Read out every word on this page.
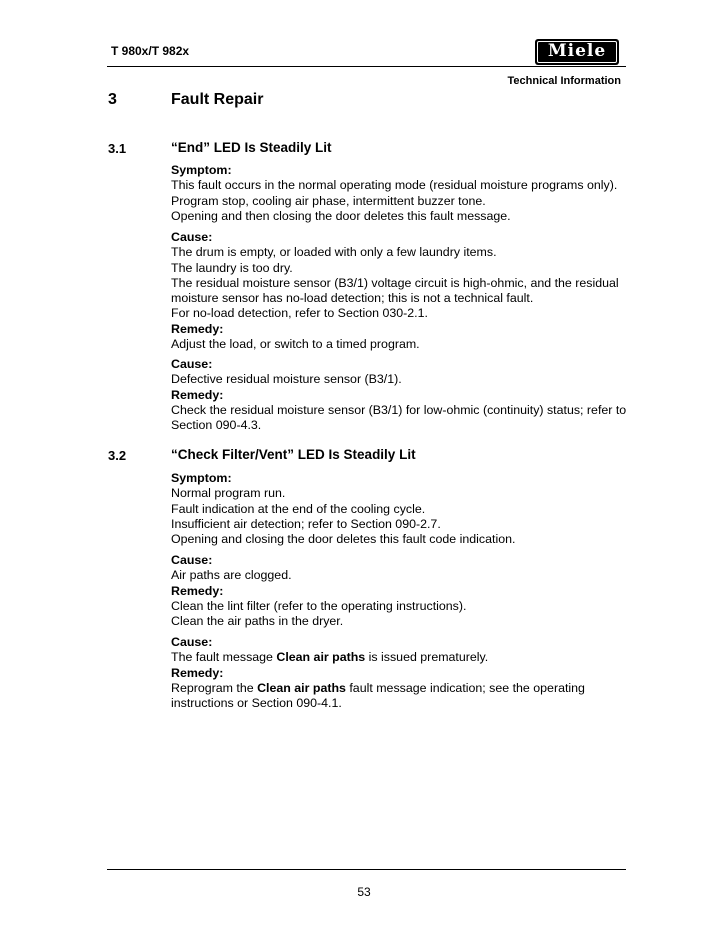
T 980x/T 982x	Miele
Technical Information
3	Fault Repair
3.1	“End” LED Is Steadily Lit
Symptom:
This fault occurs in the normal operating mode (residual moisture programs only).
Program stop, cooling air phase, intermittent buzzer tone.
Opening and then closing the door deletes this fault message.
Cause:
The drum is empty, or loaded with only a few laundry items.
The laundry is too dry.
The residual moisture sensor (B3/1) voltage circuit is high-ohmic, and the residual
moisture sensor has no-load detection; this is not a technical fault.
For no-load detection, refer to Section 030-2.1.
Remedy:
Adjust the load, or switch to a timed program.
Cause:
Defective residual moisture sensor (B3/1).
Remedy:
Check the residual moisture sensor (B3/1) for low-ohmic (continuity) status; refer to
Section 090-4.3.
3.2	“Check Filter/Vent” LED Is Steadily Lit
Symptom:
Normal program run.
Fault indication at the end of the cooling cycle.
Insufficient air detection; refer to Section 090-2.7.
Opening and closing the door deletes this fault code indication.
Cause:
Air paths are clogged.
Remedy:
Clean the lint filter (refer to the operating instructions).
Clean the air paths in the dryer.
Cause:
The fault message Clean air paths is issued prematurely.
Remedy:
Reprogram the Clean air paths fault message indication; see the operating
instructions or Section 090-4.1.
53
